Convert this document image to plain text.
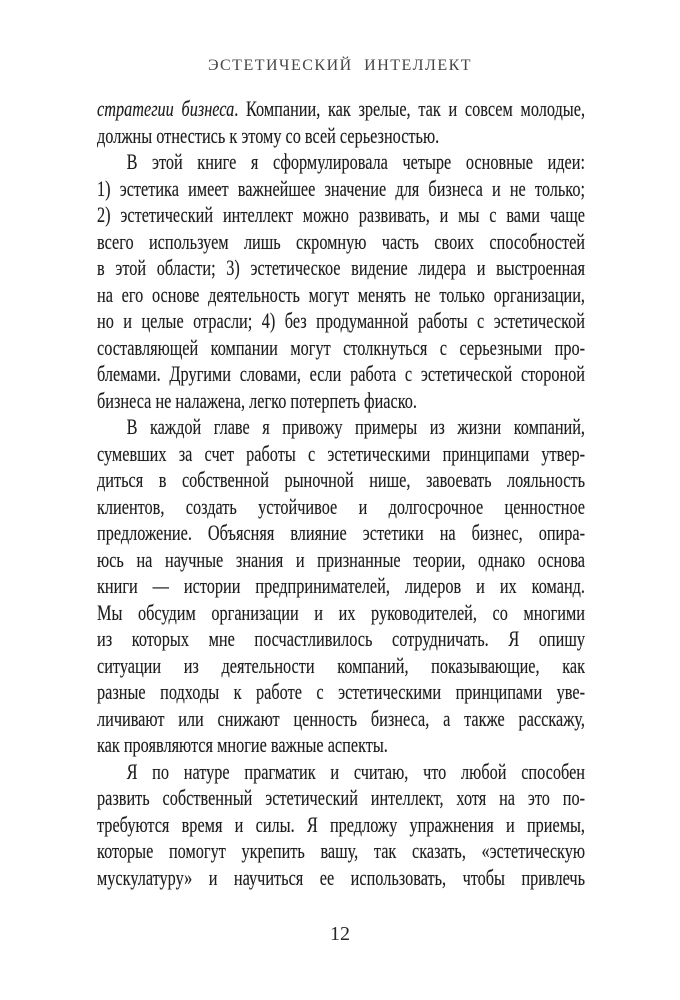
ЭСТЕТИЧЕСКИЙ ИНТЕЛЛЕКТ
стратегии бизнеса. Компании, как зрелые, так и совсем молодые,
должны отнестись к этому со всей серьезностью.
В этой книге я сформулировала четыре основные идеи:
1) эстетика имеет важнейшее значение для бизнеса и не только;
2) эстетический интеллект можно развивать, и мы с вами чаще
всего используем лишь скромную часть своих способностей
в этой области; 3) эстетическое видение лидера и выстроенная
на его основе деятельность могут менять не только организации,
но и целые отрасли; 4) без продуманной работы с эстетической
составляющей компании могут столкнуться с серьезными про-
блемами. Другими словами, если работа с эстетической стороной
бизнеса не налажена, легко потерпеть фиаско.
В каждой главе я привожу примеры из жизни компаний,
сумевших за счет работы с эстетическими принципами утвер-
диться в собственной рыночной нише, завоевать лояльность
клиентов, создать устойчивое и долгосрочное ценностное
предложение. Объясняя влияние эстетики на бизнес, опира-
юсь на научные знания и признанные теории, однако основа
книги — истории предпринимателей, лидеров и их команд.
Мы обсудим организации и их руководителей, со многими
из которых мне посчастливилось сотрудничать. Я опишу
ситуации из деятельности компаний, показывающие, как
разные подходы к работе с эстетическими принципами уве-
личивают или снижают ценность бизнеса, а также расскажу,
как проявляются многие важные аспекты.
Я по натуре прагматик и считаю, что любой способен
развить собственный эстетический интеллект, хотя на это по-
требуются время и силы. Я предложу упражнения и приемы,
которые помогут укрепить вашу, так сказать, «эстетическую
мускулатуру» и научиться ее использовать, чтобы привлечь
12
